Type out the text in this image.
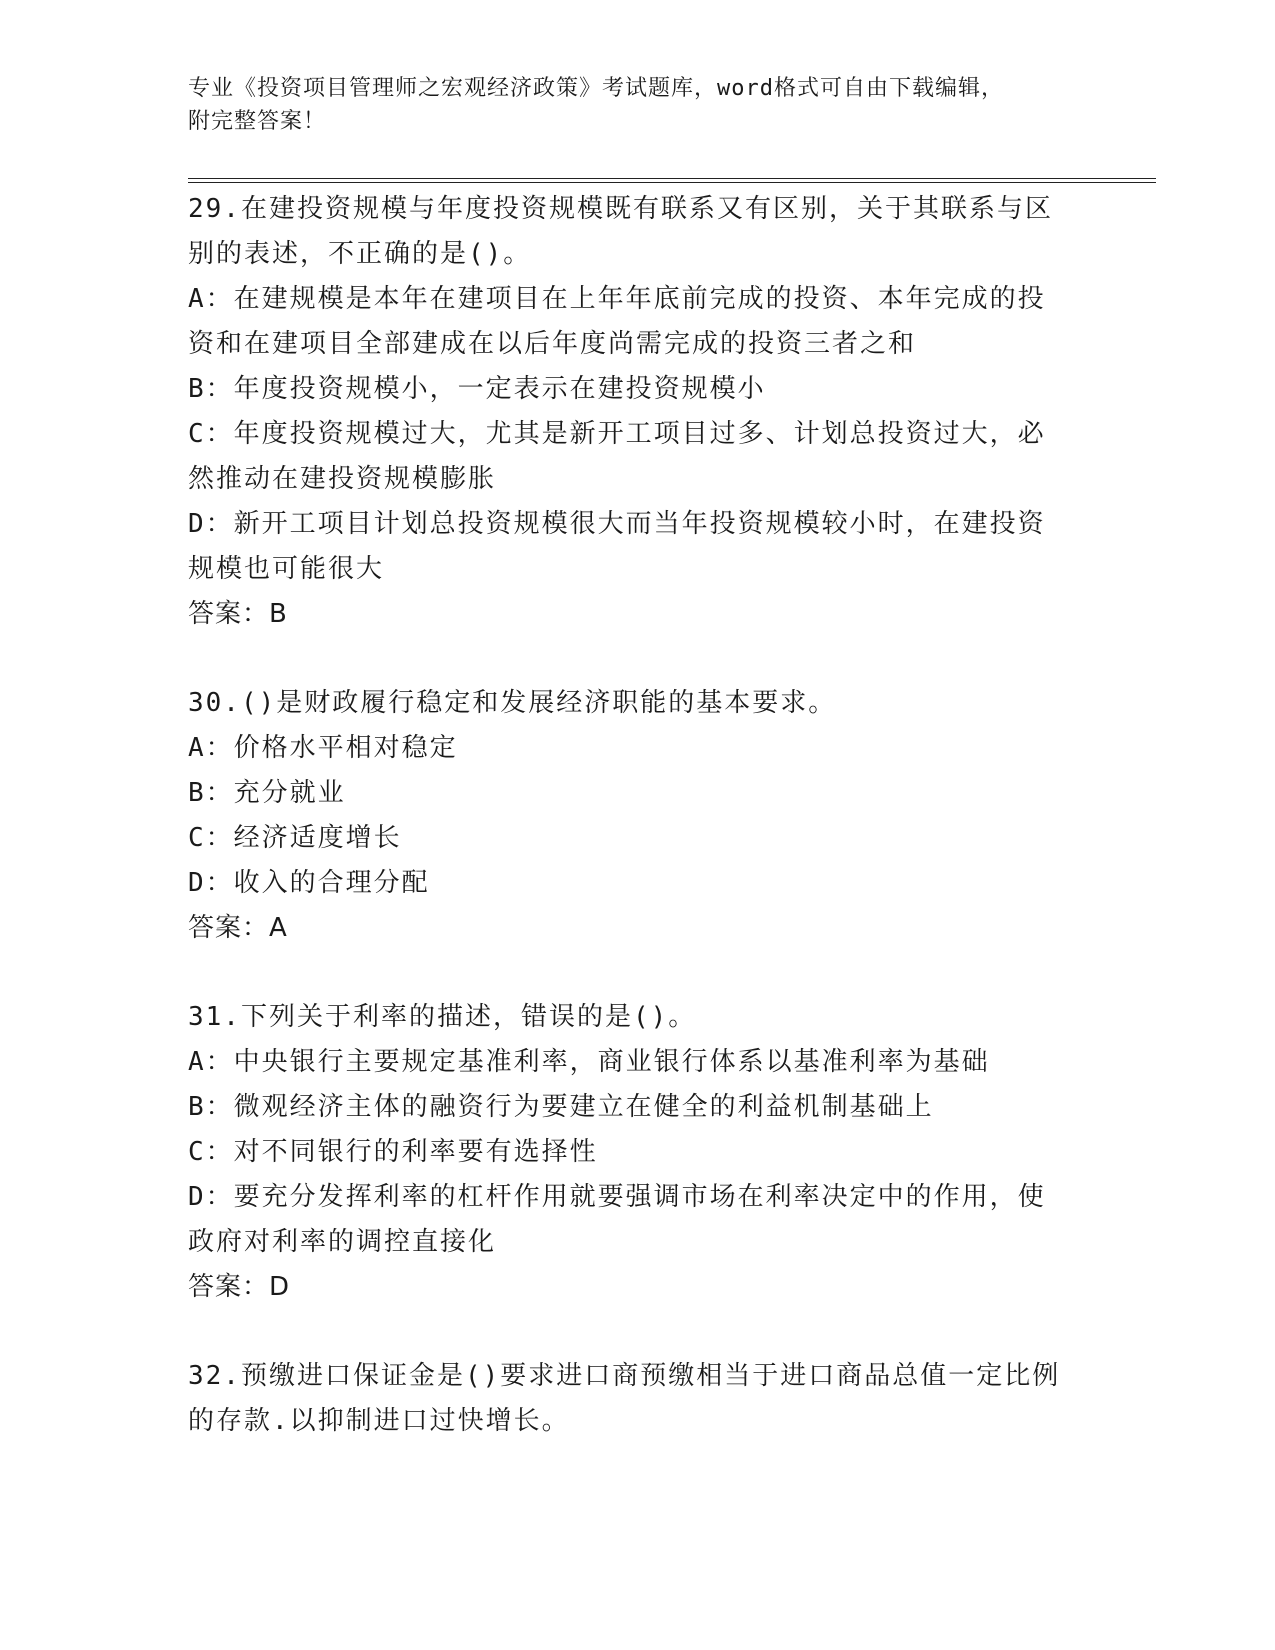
专业《投资项目管理师之宏观经济政策》考试题库，word格式可自由下载编辑，
附完整答案！

29.在建投资规模与年度投资规模既有联系又有区别，关于其联系与区

别的表述，不正确的是()。

A：在建规模是本年在建项目在上年年底前完成的投资、本年完成的投

资和在建项目全部建成在以后年度尚需完成的投资三者之和

B：年度投资规模小，一定表示在建投资规模小

C：年度投资规模过大，尤其是新开工项目过多、计划总投资过大，必

然推动在建投资规模膨胀

D：新开工项目计划总投资规模很大而当年投资规模较小时，在建投资

规模也可能很大

答案：B

30.()是财政履行稳定和发展经济职能的基本要求。

A：价格水平相对稳定

B：充分就业

C：经济适度增长

D：收入的合理分配

答案：A

31.下列关于利率的描述，错误的是()。

A：中央银行主要规定基准利率，商业银行体系以基准利率为基础

B：微观经济主体的融资行为要建立在健全的利益机制基础上

C：对不同银行的利率要有选择性

D：要充分发挥利率的杠杆作用就要强调市场在利率决定中的作用，使

政府对利率的调控直接化

答案：D

32.预缴进口保证金是()要求进口商预缴相当于进口商品总值一定比例

的存款.以抑制进口过快增长。
